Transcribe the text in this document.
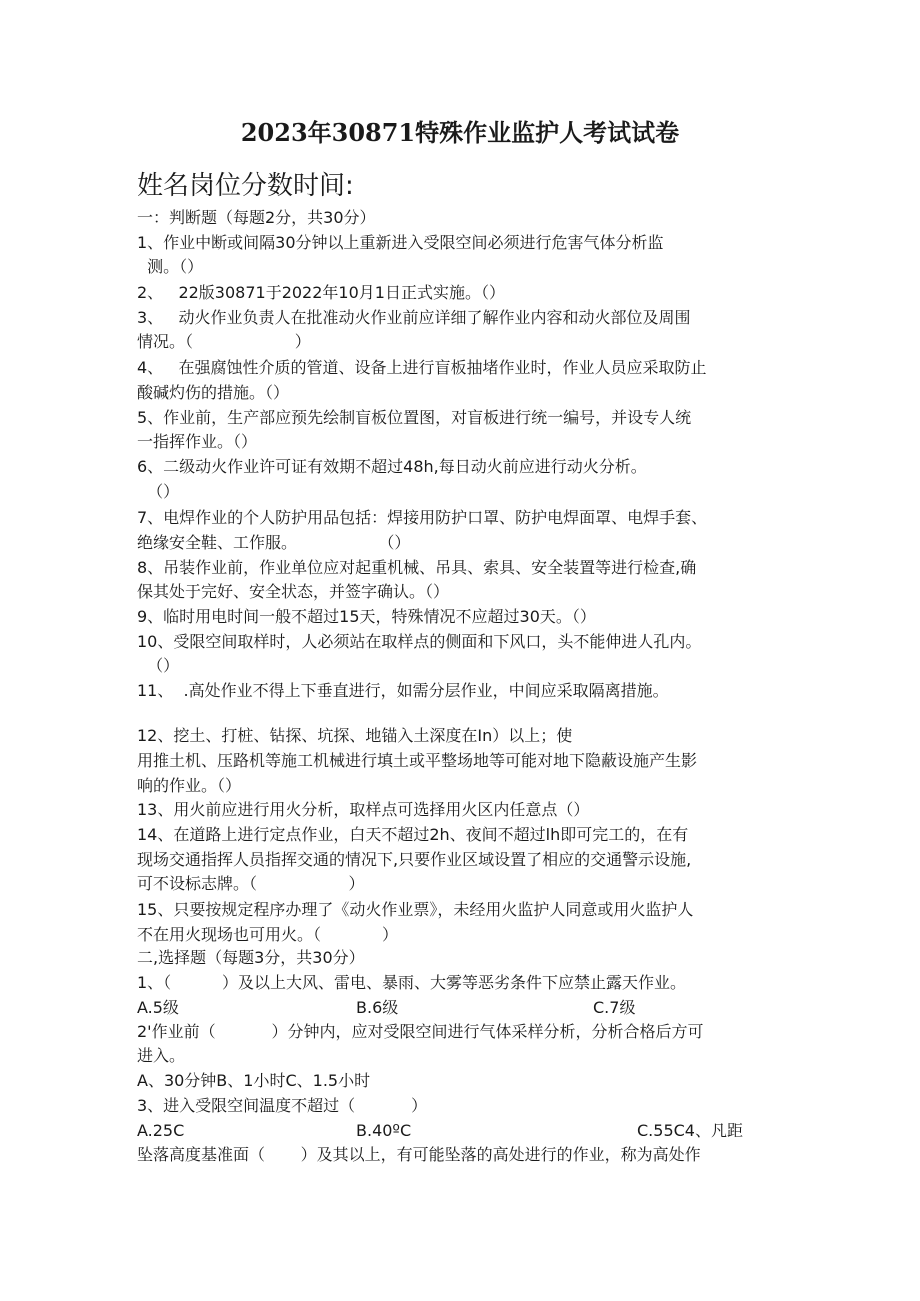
2023年30871特殊作业监护人考试试卷
姓名岗位分数时间:
一：判断题（每题2分，共30分）
1、作业中断或间隔30分钟以上重新进入受限空间必须进行危害气体分析监
测。（）
2、   22版30871于2022年10月1日正式实施。（）
3、   动火作业负责人在批准动火作业前应详细了解作业内容和动火部位及周围
情况。（                    ）
4、   在强腐蚀性介质的管道、设备上进行盲板抽堵作业时，作业人员应采取防止
酸碱灼伤的措施。（）
5、作业前，生产部应预先绘制盲板位置图，对盲板进行统一编号，并设专人统
一指挥作业。（）
6、二级动火作业许可证有效期不超过48h,每日动火前应进行动火分析。
（）
7、电焊作业的个人防护用品包括：焊接用防护口罩、防护电焊面罩、电焊手套、
绝缘安全鞋、工作服。                （）
8、吊装作业前，作业单位应对起重机械、吊具、索具、安全装置等进行检查,确
保其处于完好、安全状态，并签字确认。（）
9、临时用电时间一般不超过15天，特殊情况不应超过30天。（）
10、受限空间取样时，人必须站在取样点的侧面和下风口，头不能伸进人孔内。
（）
11、  .高处作业不得上下垂直进行，如需分层作业，中间应采取隔离措施。
12、挖土、打桩、钻探、坑探、地锚入土深度在In）以上；使
用推土机、压路机等施工机械进行填土或平整场地等可能对地下隐蔽设施产生影
响的作业。（）
13、用火前应进行用火分析，取样点可选择用火区内任意点（）
14、在道路上进行定点作业，白天不超过2h、夜间不超过lh即可完工的，在有
现场交通指挥人员指挥交通的情况下,只要作业区域设置了相应的交通警示设施,
可不设标志牌。（                  ）
15、只要按规定程序办理了《动火作业票》，未经用火监护人同意或用火监护人
不在用火现场也可用火。（            ）
二,选择题（每题3分，共30分）
1、（          ）及以上大风、雷电、暴雨、大雾等恶劣条件下应禁止露天作业。
A.5级	B.6级	C.7级
2'作业前（           ）分钟内，应对受限空间进行气体采样分析，分析合格后方可
进入。
A、30分钟B、1小时C、1.5小时
3、进入受限空间温度不超过（           ）
A.25C	B.40ºC	C.55C4、凡距
坠落高度基准面（       ）及其以上，有可能坠落的高处进行的作业，称为高处作
